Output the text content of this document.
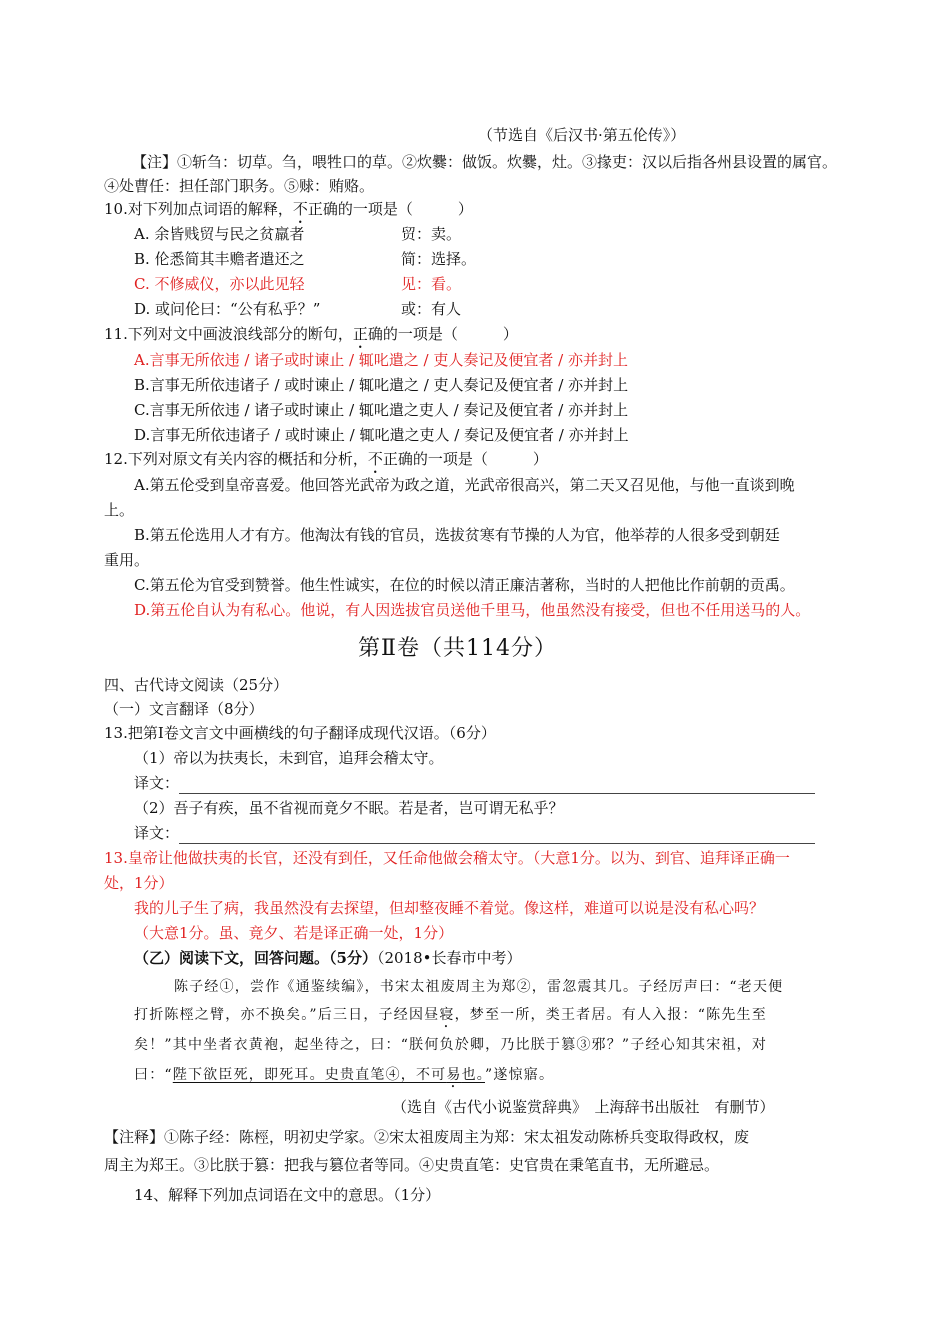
（节选自《后汉书·第五伦传》）
【注】①斩刍：切草。刍，喂牲口的草。②炊爨：做饭。炊爨，灶。③掾吏：汉以后指各州县设置的属官。
④处曹任：担任部门职务。⑤赇：贿赂。
10.对下列加点词语的解释，不正确的一项是（　　　）
A. 余皆贱贸与民之贫羸者	贸：卖。
B. 伦悉简其丰赡者遣还之	简：选择。
C. 不修威仪，亦以此见轻	见：看。
D. 或问伦曰：“公有私乎？”	或：有人
11.下列对文中画波浪线部分的断句，正确的一项是（　　　）
A.言事无所依违 / 诸子或时谏止 / 辄叱遣之 / 吏人奏记及便宜者 / 亦并封上
B.言事无所依违诸子 / 或时谏止 / 辄叱遣之 / 吏人奏记及便宜者 / 亦并封上
C.言事无所依违 / 诸子或时谏止 / 辄叱遣之吏人 / 奏记及便宜者 / 亦并封上
D.言事无所依违诸子 / 或时谏止 / 辄叱遣之吏人 / 奏记及便宜者 / 亦并封上
12.下列对原文有关内容的概括和分析，不正确的一项是（　　　）
A.第五伦受到皇帝喜爱。他回答光武帝为政之道，光武帝很高兴，第二天又召见他，与他一直谈到晚
上。
B.第五伦选用人才有方。他淘汰有钱的官员，选拔贫寒有节操的人为官，他举荐的人很多受到朝廷
重用。
C.第五伦为官受到赞誉。他生性诚实，在位的时候以清正廉洁著称，当时的人把他比作前朝的贡禹。
D.第五伦自认为有私心。他说，有人因选拔官员送他千里马，他虽然没有接受，但也不任用送马的人。
第Ⅱ卷（共114分）
四、古代诗文阅读（25分）
（一）文言翻译（8分）
13.把第Ⅰ卷文言文中画横线的句子翻译成现代汉语。（6分）
（1）帝以为扶夷长，未到官，追拜会稽太守。
译文：
（2）吾子有疾，虽不省视而竟夕不眠。若是者，岂可谓无私乎？
译文：
13.皇帝让他做扶夷的长官，还没有到任，又任命他做会稽太守。（大意1分。以为、到官、追拜译正确一
处，1分）
我的儿子生了病，我虽然没有去探望，但却整夜睡不着觉。像这样，难道可以说是没有私心吗？
（大意1分。虽、竟夕、若是译正确一处，1分）
（乙）阅读下文，回答问题。（5分）（2018•长春市中考）
陈子经①，尝作《通鉴续编》，书宋太祖废周主为郑②，雷忽震其几。子经厉声曰：“老天便
打折陈桱之臂，亦不换矣。”后三日，子经因昼寝，梦至一所，类王者居。有人入报：“陈先生至
矣！”其中坐者衣黄袍，起坐待之，曰：“朕何负於卿，乃比朕于篡③邪？”子经心知其宋祖，对
曰：“陛下欲臣死，即死耳。史贵直笔④，不可易也。”遂惊寤。
（选自《古代小说鉴赏辞典》　上海辞书出版社　有删节）
【注释】①陈子经：陈桱，明初史学家。②宋太祖废周主为郑：宋太祖发动陈桥兵变取得政权，废
周主为郑王。③比朕于篡：把我与篡位者等同。④史贵直笔：史官贵在秉笔直书，无所避忌。
14、解释下列加点词语在文中的意思。（1分）
